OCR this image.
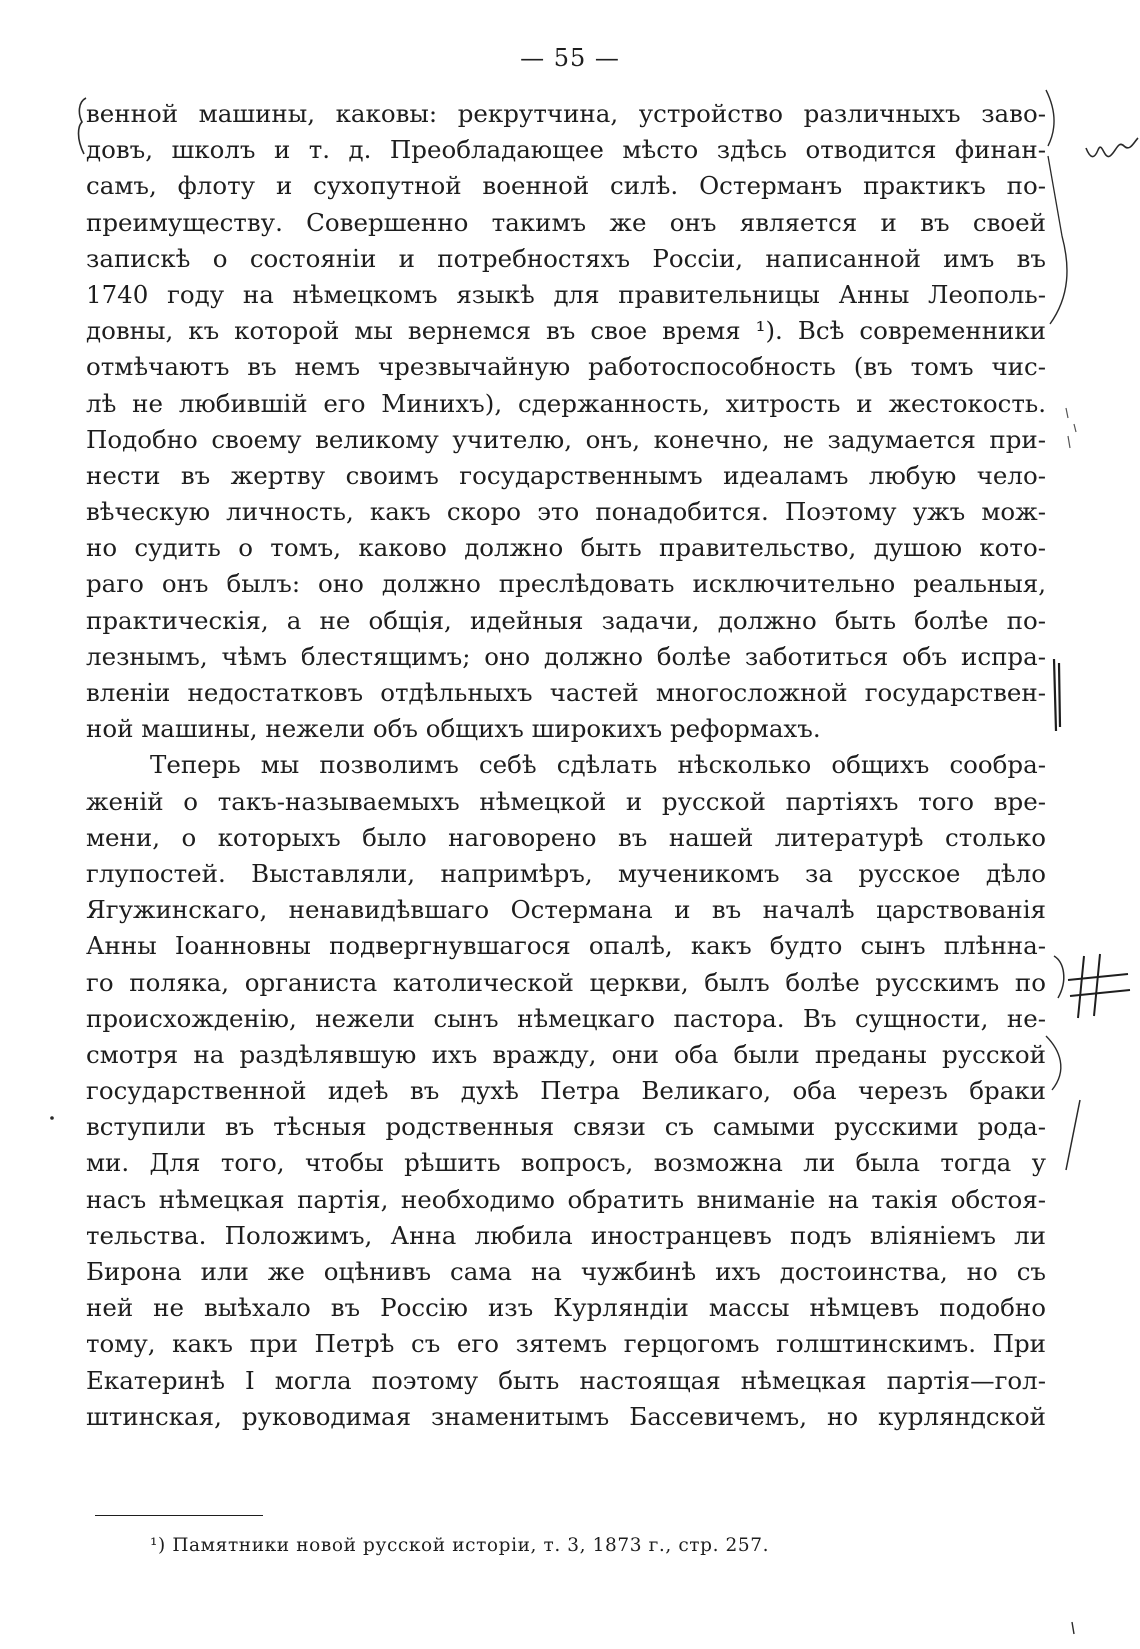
— 55 —
венной машины, каковы: рекрутчина, устройство различныхъ заво-
довъ, школъ и т. д. Преобладающее мѣсто здѣсь отводится финан-
самъ, флоту и сухопутной военной силѣ. Остерманъ практикъ по-
преимуществу. Совершенно такимъ же онъ является и въ своей
запискѣ о состояніи и потребностяхъ Россіи, написанной имъ въ
1740 году на нѣмецкомъ языкѣ для правительницы Анны Леополь-
довны, къ которой мы вернемся въ свое время ¹). Всѣ современники
отмѣчаютъ въ немъ чрезвычайную работоспособность (въ томъ чис-
лѣ не любившій его Минихъ), сдержанность, хитрость и жестокость.
Подобно своему великому учителю, онъ, конечно, не задумается при-
нести въ жертву своимъ государственнымъ идеаламъ любую чело-
вѣческую личность, какъ скоро это понадобится. Поэтому ужъ мож-
но судить о томъ, каково должно быть правительство, душою кото-
раго онъ былъ: оно должно преслѣдовать исключительно реальныя,
практическія, а не общія, идейныя задачи, должно быть болѣе по-
лезнымъ, чѣмъ блестящимъ; оно должно болѣе заботиться объ испра-
вленіи недостатковъ отдѣльныхъ частей многосложной государствен-
ной машины, нежели объ общихъ широкихъ реформахъ.
Теперь мы позволимъ себѣ сдѣлать нѣсколько общихъ сообра-
женій о такъ-называемыхъ нѣмецкой и русской партіяхъ того вре-
мени, о которыхъ было наговорено въ нашей литературѣ столько
глупостей. Выставляли, напримѣръ, мученикомъ за русское дѣло
Ягужинскаго, ненавидѣвшаго Остермана и въ началѣ царствованія
Анны Іоанновны подвергнувшагося опалѣ, какъ будто сынъ плѣнна-
го поляка, органиста католической церкви, былъ болѣе русскимъ по
происхожденію, нежели сынъ нѣмецкаго пастора. Въ сущности, не-
смотря на раздѣлявшую ихъ вражду, они оба были преданы русской
государственной идеѣ въ духѣ Петра Великаго, оба черезъ браки
вступили въ тѣсныя родственныя связи съ самыми русскими рода-
ми. Для того, чтобы рѣшить вопросъ, возможна ли была тогда у
насъ нѣмецкая партія, необходимо обратить вниманіе на такія обстоя-
тельства. Положимъ, Анна любила иностранцевъ подъ вліяніемъ ли
Бирона или же оцѣнивъ сама на чужбинѣ ихъ достоинства, но съ
ней не выѣхало въ Россію изъ Курляндіи массы нѣмцевъ подобно
тому, какъ при Петрѣ съ его зятемъ герцогомъ голштинскимъ. При
Екатеринѣ I могла поэтому быть настоящая нѣмецкая партія—гол-
штинская, руководимая знаменитымъ Бассевичемъ, но курляндской
¹) Памятники новой русской исторіи, т. 3, 1873 г., стр. 257.
